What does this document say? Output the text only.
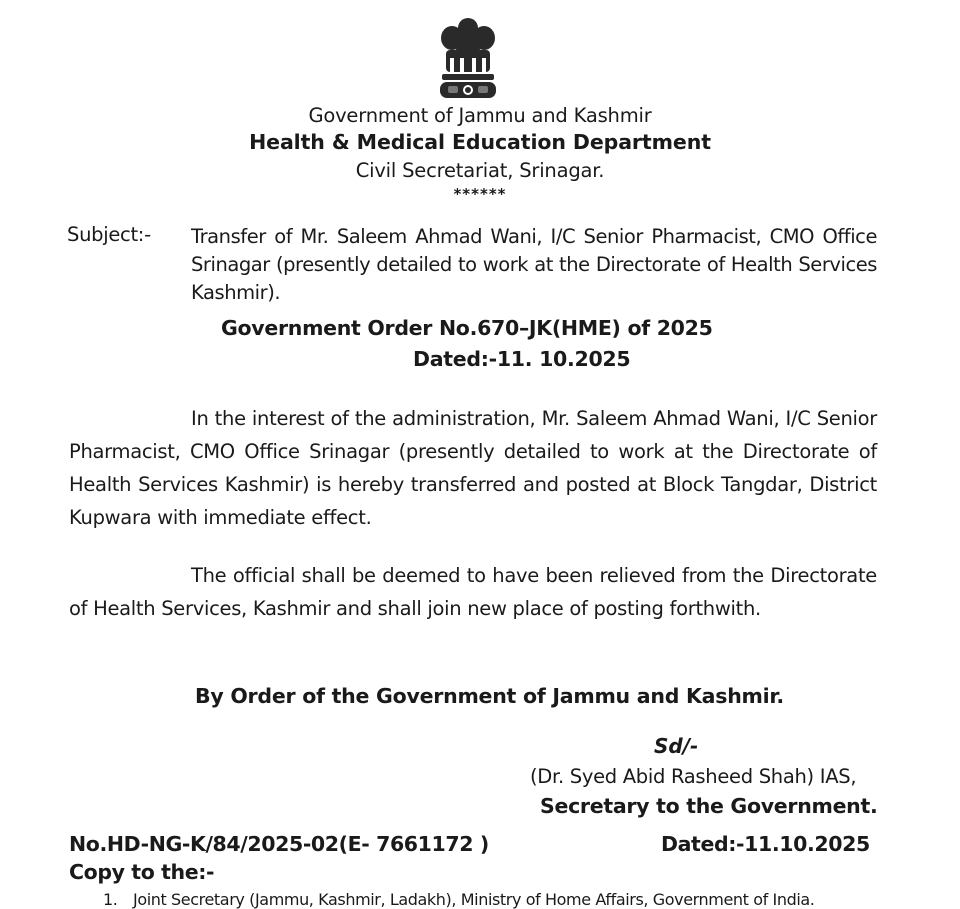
Government of Jammu and Kashmir
Health & Medical Education Department
Civil Secretariat, Srinagar.
******
Subject:- Transfer of Mr. Saleem Ahmad Wani, I/C Senior Pharmacist, CMO Office Srinagar (presently detailed to work at the Directorate of Health Services Kashmir).
Government Order No.670–JK(HME) of 2025
Dated:-11. 10.2025

In the interest of the administration, Mr. Saleem Ahmad Wani, I/C Senior Pharmacist, CMO Office Srinagar (presently detailed to work at the Directorate of Health Services Kashmir) is hereby transferred and posted at Block Tangdar, District Kupwara with immediate effect.

The official shall be deemed to have been relieved from the Directorate of Health Services, Kashmir and shall join new place of posting forthwith.

By Order of the Government of Jammu and Kashmir.
Sd/-
(Dr. Syed Abid Rasheed Shah) IAS,
Secretary to the Government.
No.HD-NG-K/84/2025-02(E- 7661172 )	Dated:-11.10.2025
Copy to the:-
1. Joint Secretary (Jammu, Kashmir, Ladakh), Ministry of Home Affairs, Government of India.
